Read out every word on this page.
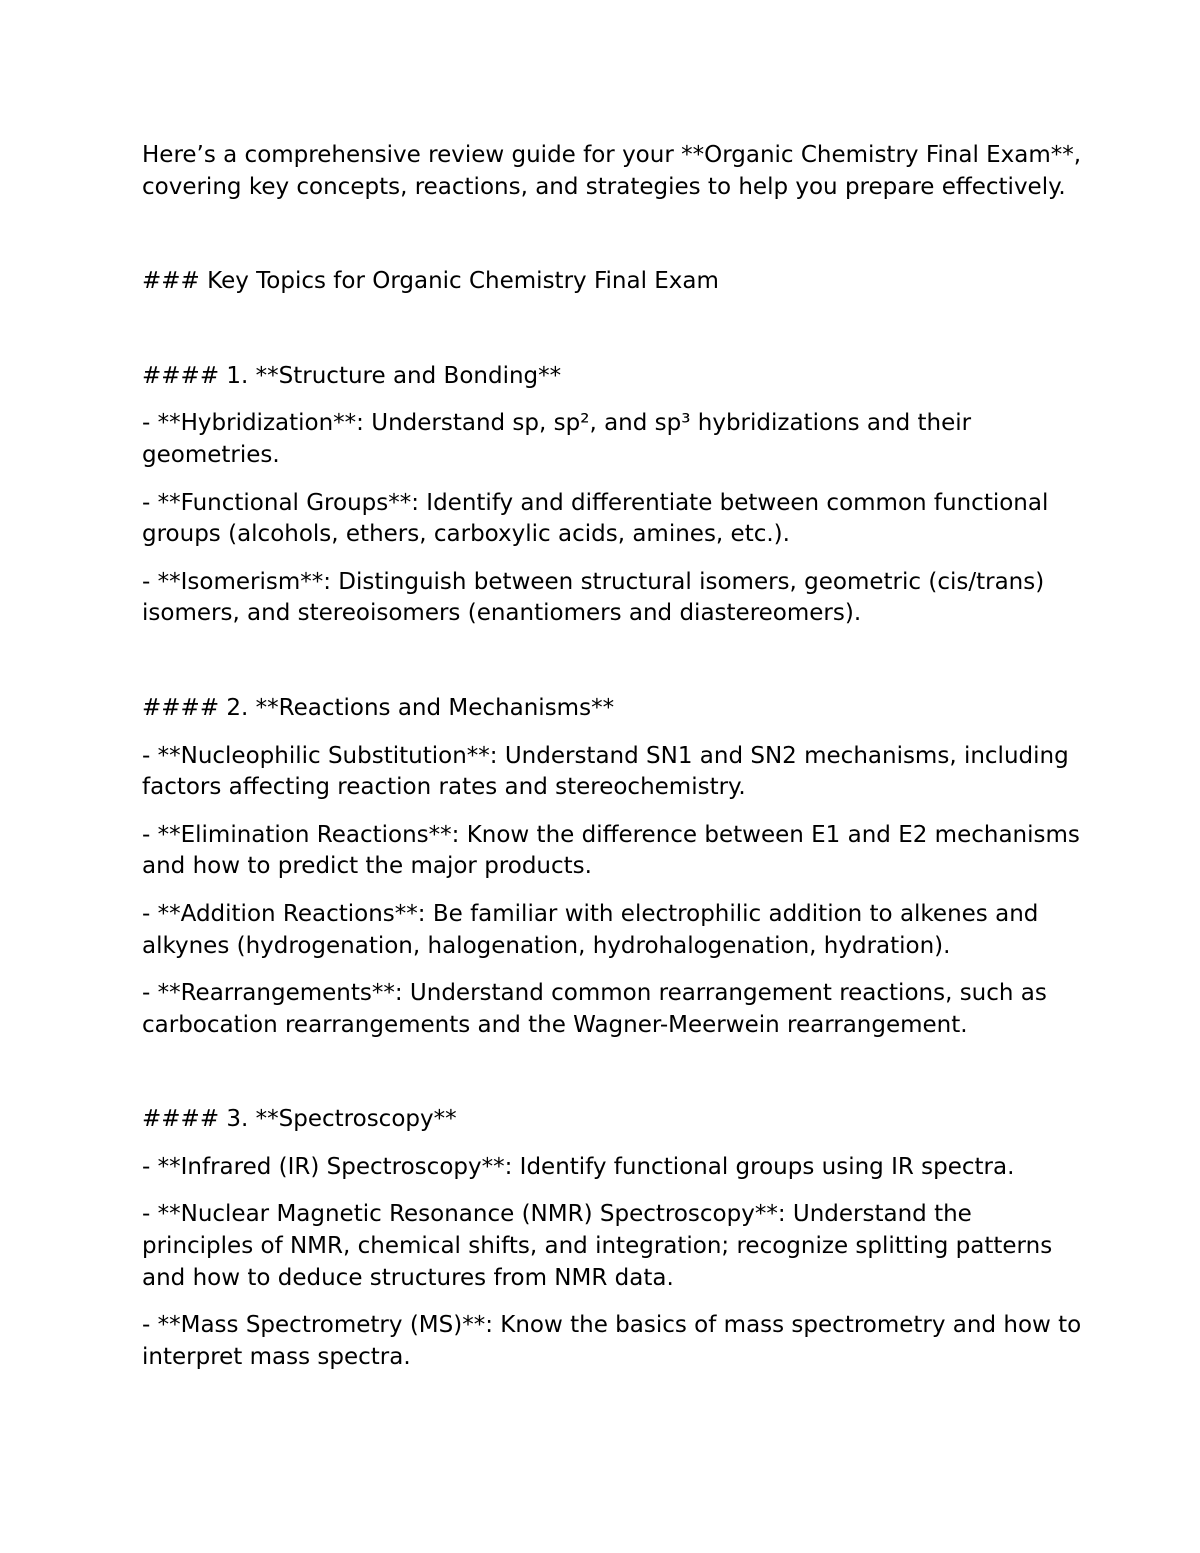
Here’s a comprehensive review guide for your **Organic Chemistry Final Exam**, covering key concepts, reactions, and strategies to help you prepare effectively.

### Key Topics for Organic Chemistry Final Exam

#### 1. **Structure and Bonding**

- **Hybridization**: Understand sp, sp², and sp³ hybridizations and their geometries.

- **Functional Groups**: Identify and differentiate between common functional groups (alcohols, ethers, carboxylic acids, amines, etc.).

- **Isomerism**: Distinguish between structural isomers, geometric (cis/trans) isomers, and stereoisomers (enantiomers and diastereomers).

#### 2. **Reactions and Mechanisms**

- **Nucleophilic Substitution**: Understand SN1 and SN2 mechanisms, including factors affecting reaction rates and stereochemistry.

- **Elimination Reactions**: Know the difference between E1 and E2 mechanisms and how to predict the major products.

- **Addition Reactions**: Be familiar with electrophilic addition to alkenes and alkynes (hydrogenation, halogenation, hydrohalogenation, hydration).

- **Rearrangements**: Understand common rearrangement reactions, such as carbocation rearrangements and the Wagner-Meerwein rearrangement.

#### 3. **Spectroscopy**

- **Infrared (IR) Spectroscopy**: Identify functional groups using IR spectra.

- **Nuclear Magnetic Resonance (NMR) Spectroscopy**: Understand the principles of NMR, chemical shifts, and integration; recognize splitting patterns and how to deduce structures from NMR data.

- **Mass Spectrometry (MS)**: Know the basics of mass spectrometry and how to interpret mass spectra.
